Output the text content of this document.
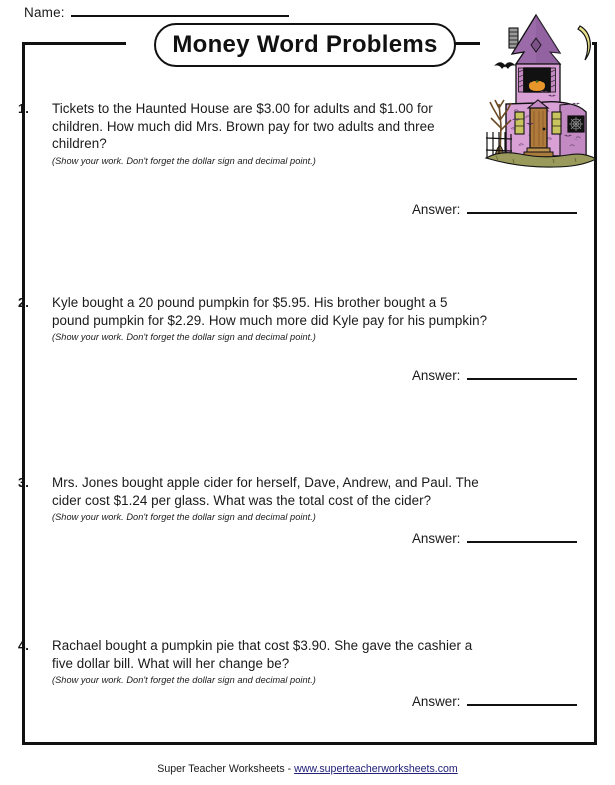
Name:
Money Word Problems
1.	Tickets to the Haunted House are $3.00 for adults and $1.00 for children. How much did Mrs. Brown pay for two adults and three children?
(Show your work. Don't forget the dollar sign and decimal point.)
Answer:
2.	Kyle bought a 20 pound pumpkin for $5.95. His brother bought a 5 pound pumpkin for $2.29. How much more did Kyle pay for his pumpkin?
(Show your work. Don't forget the dollar sign and decimal point.)
Answer:
3.	Mrs. Jones bought apple cider for herself, Dave, Andrew, and Paul. The cider cost $1.24 per glass. What was the total cost of the cider?
(Show your work. Don't forget the dollar sign and decimal point.)
Answer:
4.	Rachael bought a pumpkin pie that cost $3.90. She gave the cashier a five dollar bill. What will her change be?
(Show your work. Don't forget the dollar sign and decimal point.)
Answer:
Super Teacher Worksheets - www.superteacherworksheets.com
